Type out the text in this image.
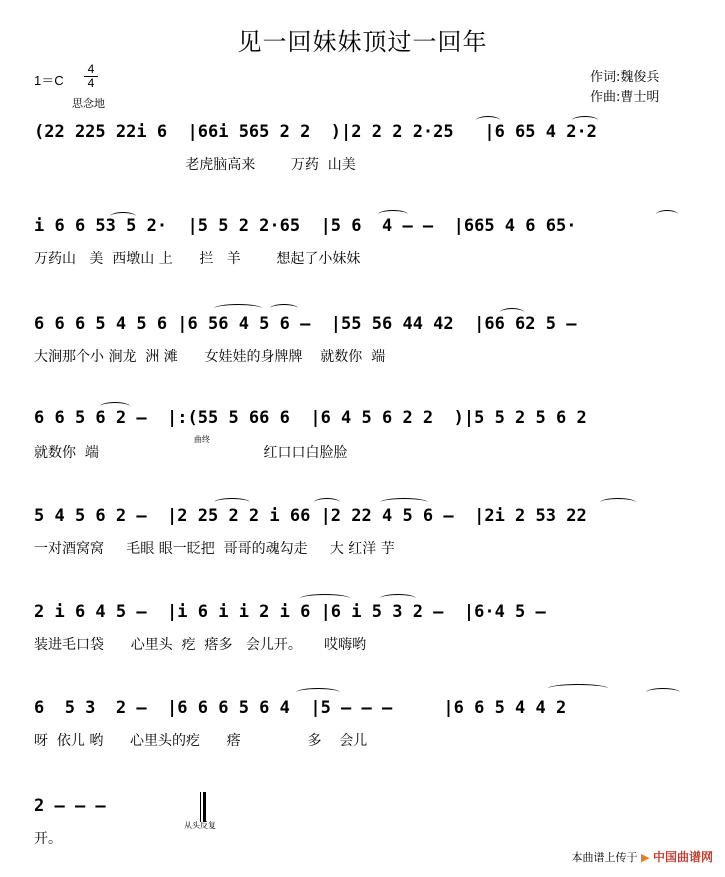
见一回妹妹顶过一回年
$1=C \frac{4}{4}$
思念地
作词:魏俊兵
作曲:曹士明
(22 225 22i 6  |66i 565 2 2  )|2 2 2 2·25   |6 65 4 2·2
老虎脑高来        万药  山美
i 6 6 53 5 2·  |5 5 2 2·65  |5 6  4 – –  |665 4 6 65·
万药山   美  西墩山 上      拦   羊        想起了小妹妹
6 6 6 5 4 5 6 |6 56 4 5 6 –  |55 56 44 42  |66 62 5 –
大涧那个小 涧龙  洲 滩      女娃娃的身牌牌    就数你  端
6 6 5 6 2 –  |:(55 5 66 6  |6 4 5 6 2 2  )|5 5 2 5 6 2
就数你  端                                     红口口白脸脸
曲终
5 4 5 6 2 –  |2 25 2 2 i 66 |2 22 4 5 6 –  |2i 2 53 22
一对酒窝窝     毛眼 眼一眨把  哥哥的魂勾走     大 红洋 芋
2 i 6 4 5 –  |i 6 i i 2 i 6 |6 i 5 3 2 –  |6·4 5 –
装进毛口袋      心里头  疙  瘩多   会儿开。     哎嗨哟
6  5 3  2 –  |6 6 6 5 6 4  |5 – – –     |6 6 5 4 4 2
呀  依儿 哟      心里头的疙      瘩               多    会儿
2 – – –
开。
从头反复
本曲谱上传于 ▶ 中国曲谱网
